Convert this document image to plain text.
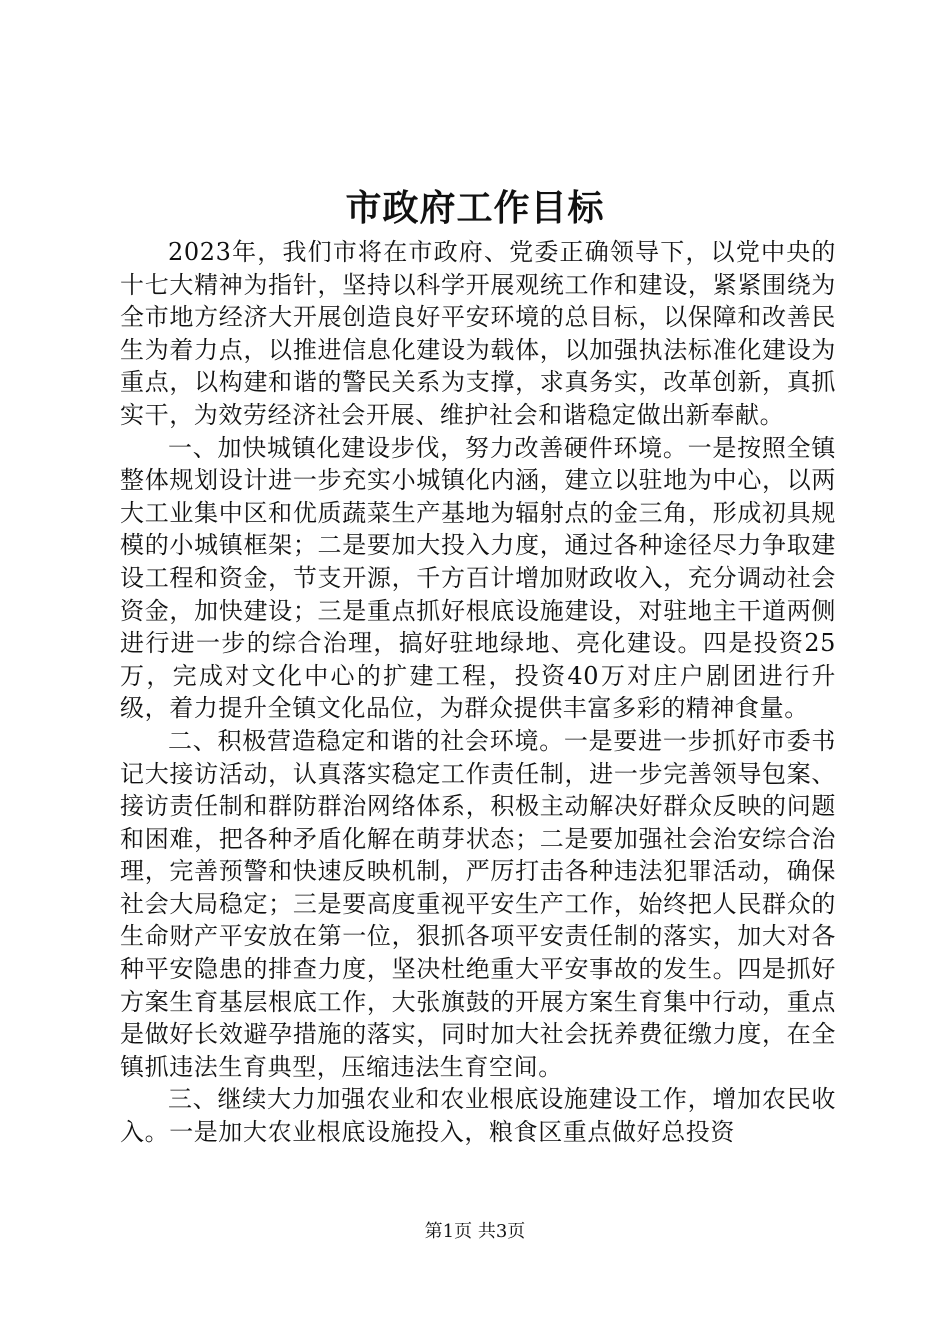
市政府工作目标

2023年，我们市将在市政府、党委正确领导下，以党中央的十七大精神为指针，坚持以科学开展观统工作和建设，紧紧围绕为全市地方经济大开展创造良好平安环境的总目标，以保障和改善民生为着力点，以推进信息化建设为载体，以加强执法标准化建设为重点，以构建和谐的警民关系为支撑，求真务实，改革创新，真抓实干，为效劳经济社会开展、维护社会和谐稳定做出新奉献。

一、加快城镇化建设步伐，努力改善硬件环境。一是按照全镇整体规划设计进一步充实小城镇化内涵，建立以驻地为中心，以两大工业集中区和优质蔬菜生产基地为辐射点的金三角，形成初具规模的小城镇框架；二是要加大投入力度，通过各种途径尽力争取建设工程和资金，节支开源，千方百计增加财政收入，充分调动社会资金，加快建设；三是重点抓好根底设施建设，对驻地主干道两侧进行进一步的综合治理，搞好驻地绿地、亮化建设。四是投资25万，完成对文化中心的扩建工程，投资40万对庄户剧团进行升级，着力提升全镇文化品位，为群众提供丰富多彩的精神食量。

二、积极营造稳定和谐的社会环境。一是要进一步抓好市委书记大接访活动，认真落实稳定工作责任制，进一步完善领导包案、接访责任制和群防群治网络体系，积极主动解决好群众反映的问题和困难，把各种矛盾化解在萌芽状态；二是要加强社会治安综合治理，完善预警和快速反映机制，严厉打击各种违法犯罪活动，确保社会大局稳定；三是要高度重视平安生产工作，始终把人民群众的生命财产平安放在第一位，狠抓各项平安责任制的落实，加大对各种平安隐患的排查力度，坚决杜绝重大平安事故的发生。四是抓好方案生育基层根底工作，大张旗鼓的开展方案生育集中行动，重点是做好长效避孕措施的落实，同时加大社会抚养费征缴力度，在全镇抓违法生育典型，压缩违法生育空间。

三、继续大力加强农业和农业根底设施建设工作，增加农民收入。一是加大农业根底设施投入，粮食区重点做好总投资

第1页 共3页
